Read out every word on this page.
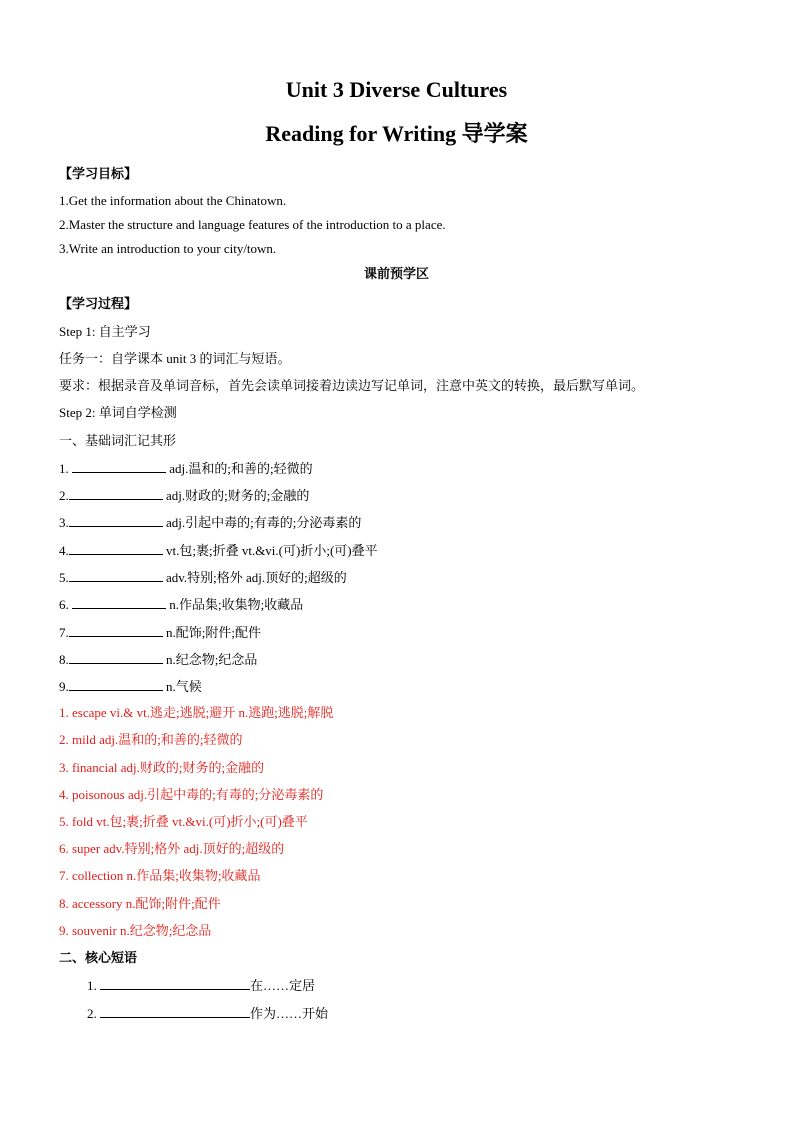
Unit 3 Diverse Cultures
Reading for Writing 导学案
【学习目标】
1.Get the information about the Chinatown.
2.Master the structure and language features of the introduction to a place.
3.Write an introduction to your city/town.
课前预学区
【学习过程】
Step 1: 自主学习
任务一：自学课本 unit 3 的词汇与短语。
要求：根据录音及单词音标，首先会读单词接着边读边写记单词，注意中英文的转换，最后默写单词。
Step 2: 单词自学检测
一、基础词汇记其形
1.	adj.温和的;和善的;轻微的
2.	adj.财政的;财务的;金融的
3.	adj.引起中毒的;有毒的;分泌毒素的
4.	vt.包;裹;折叠 vt.&vi.(可)折小;(可)叠平
5.	adv.特别;格外 adj.顶好的;超级的
6.	n.作品集;收集物;收藏品
7.	n.配饰;附件;配件
8.	n.纪念物;纪念品
9.	n.气候
1. escape vi.& vt.逃走;逃脱;避开 n.逃跑;逃脱;解脱
2. mild adj.温和的;和善的;轻微的
3. financial adj.财政的;财务的;金融的
4. poisonous adj.引起中毒的;有毒的;分泌毒素的
5. fold vt.包;裹;折叠 vt.&vi.(可)折小;(可)叠平
6. super adv.特别;格外 adj.顶好的;超级的
7. collection n.作品集;收集物;收藏品
8. accessory n.配饰;附件;配件
9. souvenir n.纪念物;纪念品
二、核心短语
1.	在……定居
2.	作为……开始
